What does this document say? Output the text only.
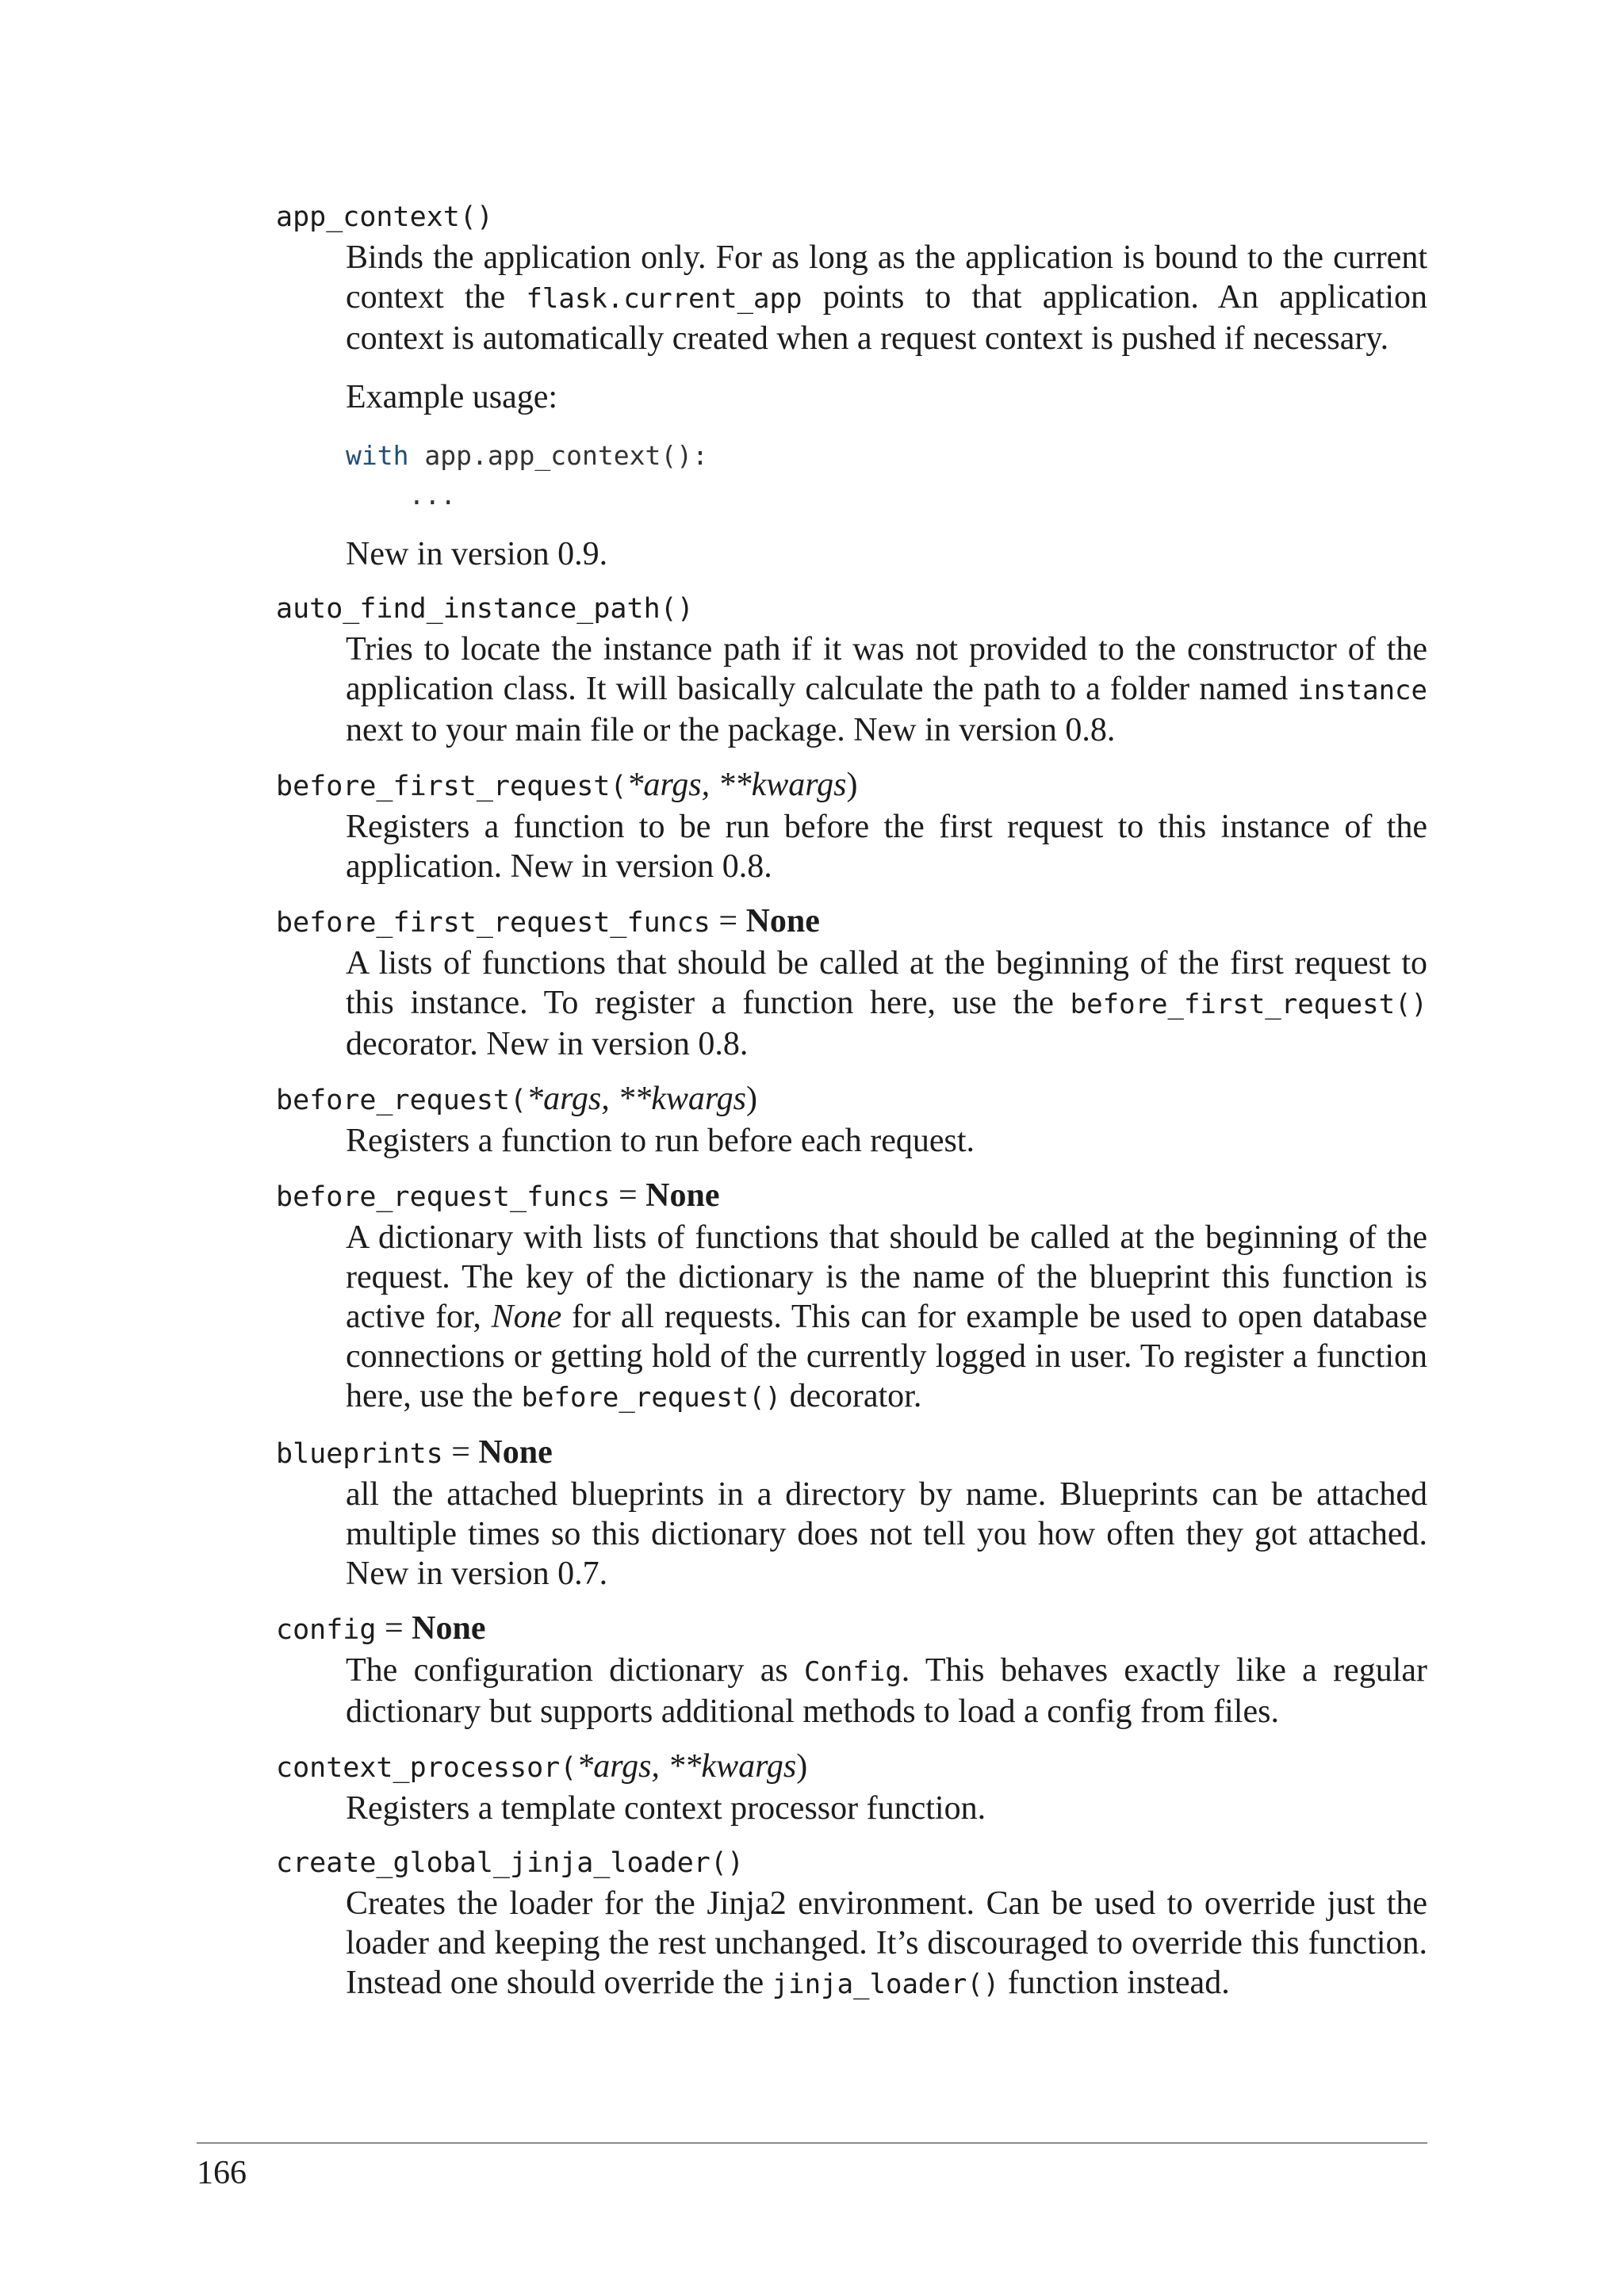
app_context()

Binds the application only. For as long as the application is bound to the current context the flask.current_app points to that application. An application context is automatically created when a request context is pushed if necessary.

Example usage:

with app.app_context():
...

New in version 0.9.

auto_find_instance_path()

Tries to locate the instance path if it was not provided to the constructor of the application class. It will basically calculate the path to a folder named instance next to your main file or the package. New in version 0.8.

before_first_request(*args, **kwargs)

Registers a function to be run before the first request to this instance of the application. New in version 0.8.

before_first_request_funcs = None

A lists of functions that should be called at the beginning of the first request to this instance. To register a function here, use the before_first_request() decorator. New in version 0.8.

before_request(*args, **kwargs)

Registers a function to run before each request.

before_request_funcs = None

A dictionary with lists of functions that should be called at the beginning of the request. The key of the dictionary is the name of the blueprint this function is active for, None for all requests. This can for example be used to open database connections or getting hold of the currently logged in user. To register a function here, use the before_request() decorator.

blueprints = None

all the attached blueprints in a directory by name. Blueprints can be attached multiple times so this dictionary does not tell you how often they got attached. New in version 0.7.

config = None

The configuration dictionary as Config. This behaves exactly like a regular dictionary but supports additional methods to load a config from files.

context_processor(*args, **kwargs)

Registers a template context processor function.

create_global_jinja_loader()

Creates the loader for the Jinja2 environment. Can be used to override just the loader and keeping the rest unchanged. It’s discouraged to override this function. Instead one should override the jinja_loader() function instead.

166
